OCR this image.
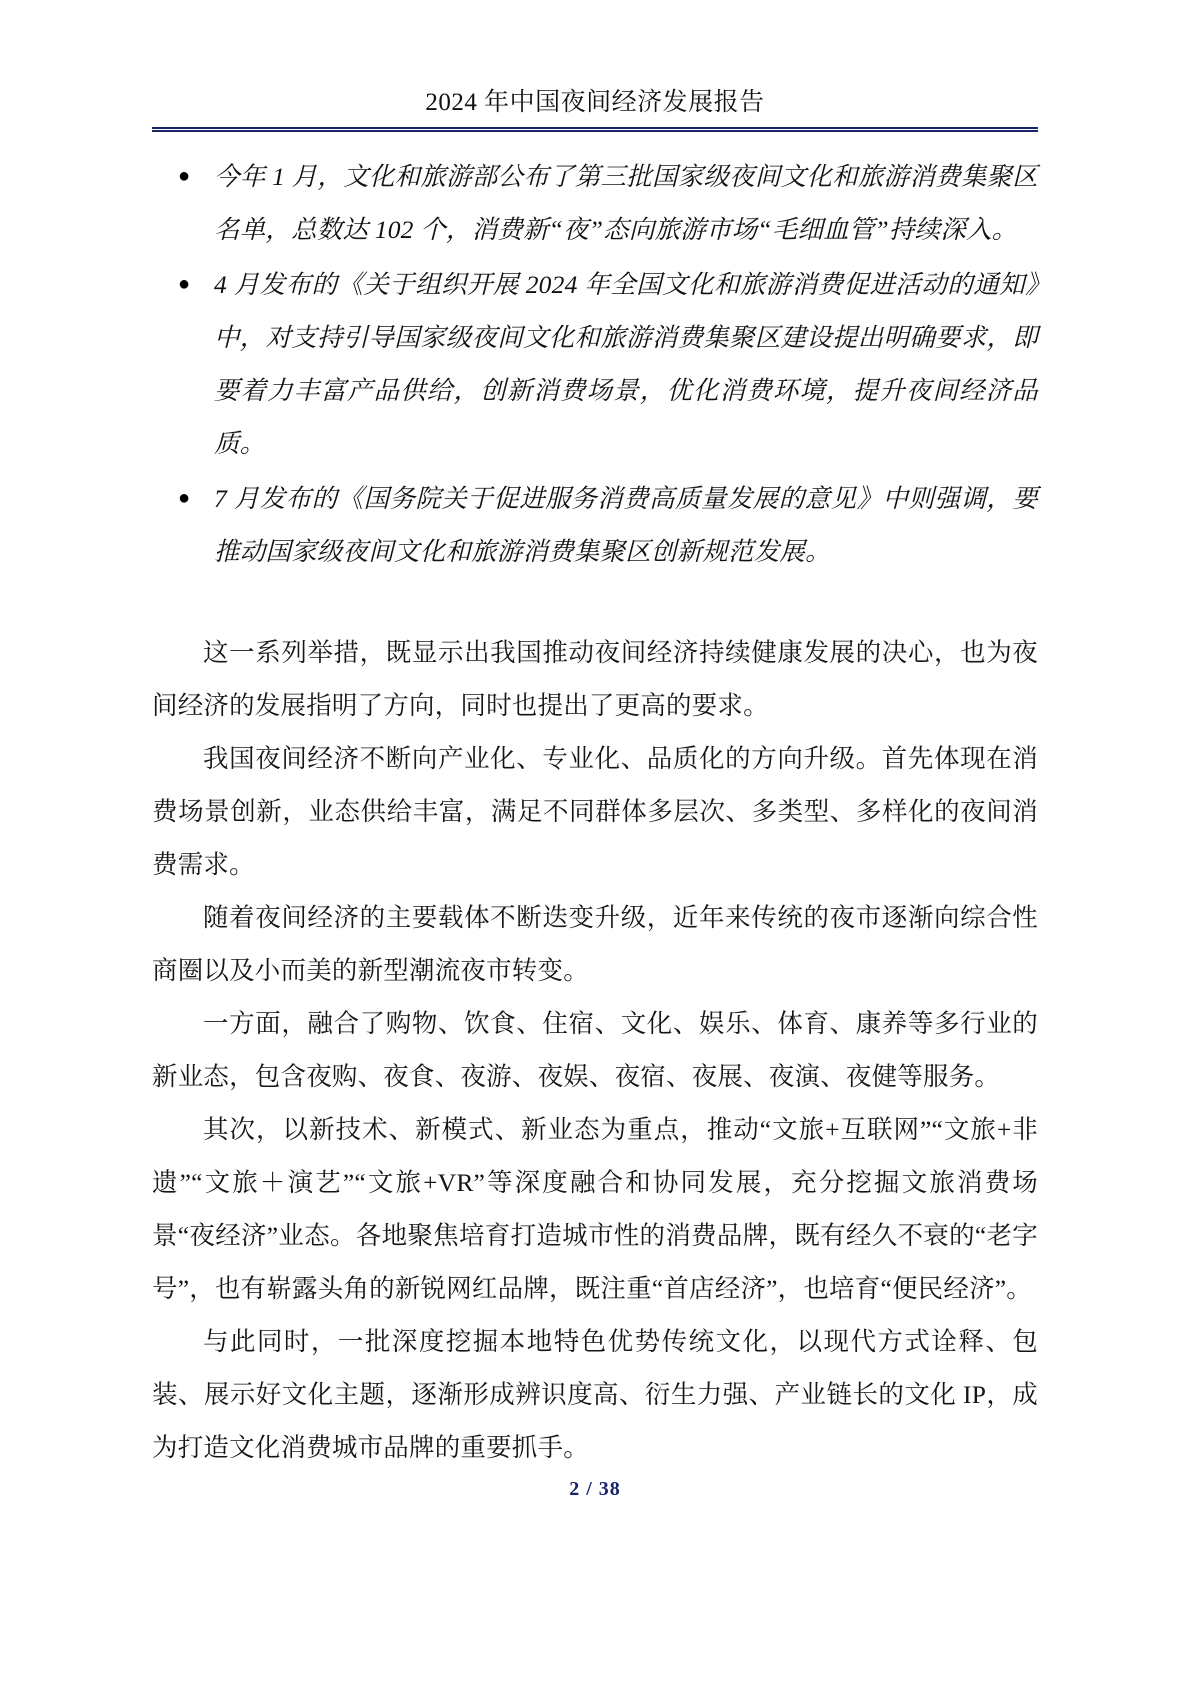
2024 年中国夜间经济发展报告
● 今年 1 月，文化和旅游部公布了第三批国家级夜间文化和旅游消费集聚区名单，总数达 102 个，消费新“夜”态向旅游市场“毛细血管”持续深入。
● 4 月发布的《关于组织开展 2024 年全国文化和旅游消费促进活动的通知》中，对支持引导国家级夜间文化和旅游消费集聚区建设提出明确要求，即要着力丰富产品供给，创新消费场景，优化消费环境，提升夜间经济品质。
● 7 月发布的《国务院关于促进服务消费高质量发展的意见》中则强调，要推动国家级夜间文化和旅游消费集聚区创新规范发展。

这一系列举措，既显示出我国推动夜间经济持续健康发展的决心，也为夜间经济的发展指明了方向，同时也提出了更高的要求。

我国夜间经济不断向产业化、专业化、品质化的方向升级。首先体现在消费场景创新，业态供给丰富，满足不同群体多层次、多类型、多样化的夜间消费需求。

随着夜间经济的主要载体不断迭变升级，近年来传统的夜市逐渐向综合性商圈以及小而美的新型潮流夜市转变。

一方面，融合了购物、饮食、住宿、文化、娱乐、体育、康养等多行业的新业态，包含夜购、夜食、夜游、夜娱、夜宿、夜展、夜演、夜健等服务。

其次，以新技术、新模式、新业态为重点，推动“文旅+互联网”“文旅+非遗”“文旅＋演艺”“文旅+VR”等深度融合和协同发展，充分挖掘文旅消费场景“夜经济”业态。各地聚焦培育打造城市性的消费品牌，既有经久不衰的“老字号”，也有崭露头角的新锐网红品牌，既注重“首店经济”，也培育“便民经济”。

与此同时，一批深度挖掘本地特色优势传统文化，以现代方式诠释、包装、展示好文化主题，逐渐形成辨识度高、衍生力强、产业链长的文化 IP，成为打造文化消费城市品牌的重要抓手。

2 / 38
